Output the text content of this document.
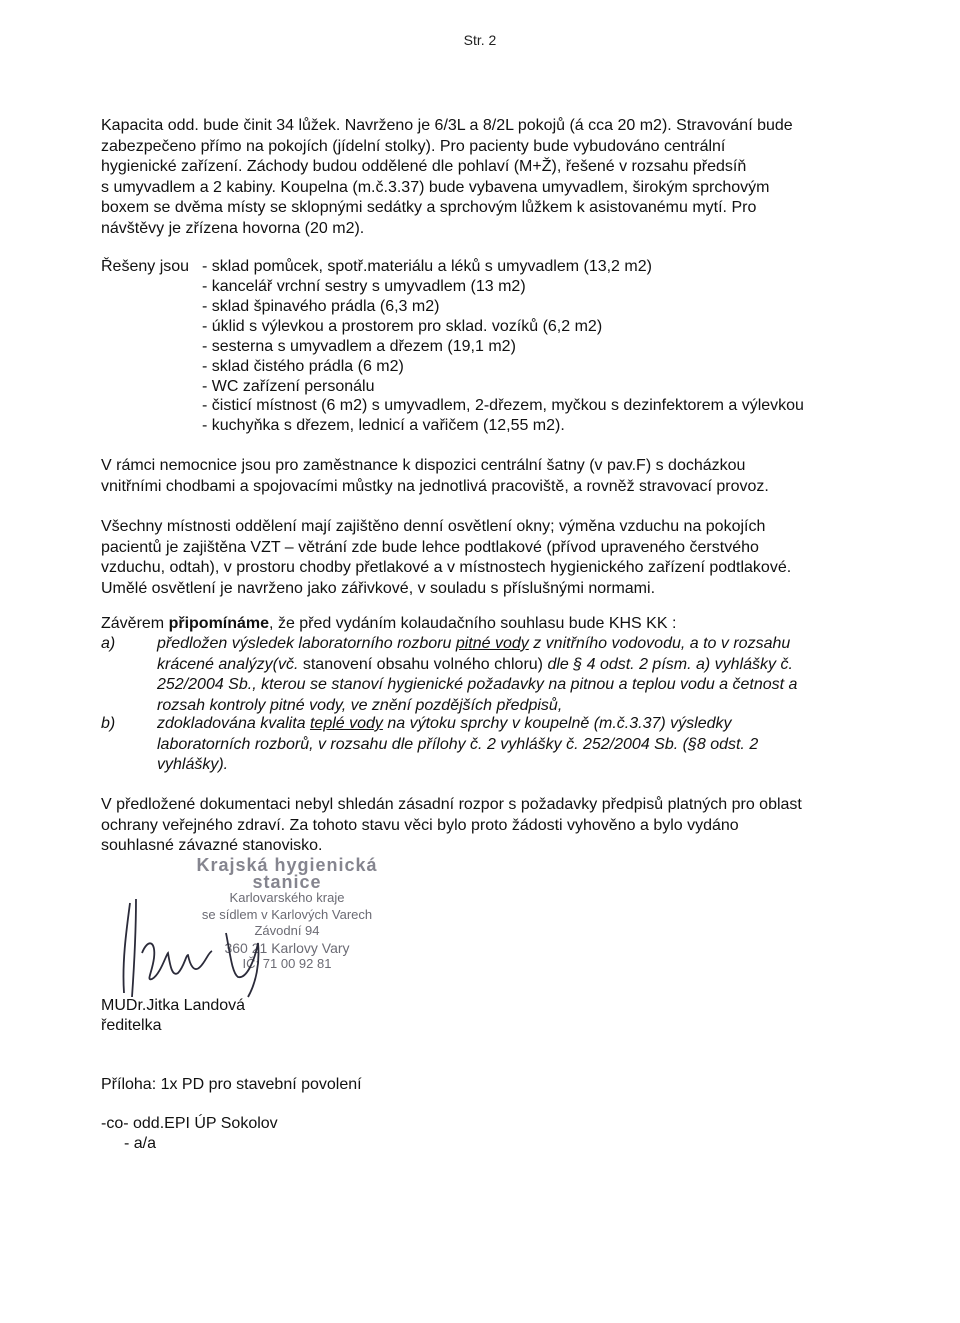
Str. 2
Kapacita odd. bude činit 34 lůžek. Navrženo je 6/3L a 8/2L pokojů (á cca 20 m2). Stravování bude
zabezpečeno přímo na pokojích (jídelní stolky). Pro pacienty bude vybudováno centrální
hygienické zařízení. Záchody budou oddělené dle pohlaví (M+Ž), řešené v rozsahu předsíň
s umyvadlem a 2 kabiny. Koupelna (m.č.3.37) bude vybavena umyvadlem, širokým sprchovým
boxem se dvěma místy se sklopnými sedátky a sprchovým lůžkem k asistovanému mytí. Pro
návštěvy je zřízena hovorna (20 m2).
Řešeny jsou - sklad pomůcek, spotř.materiálu a léků s umyvadlem (13,2 m2)
- kancelář vrchní sestry s umyvadlem (13 m2)
- sklad špinavého prádla (6,3 m2)
- úklid s výlevkou a prostorem pro sklad. vozíků (6,2 m2)
- sesterna s umyvadlem a dřezem (19,1 m2)
- sklad čistého prádla (6 m2)
- WC zařízení personálu
- čisticí místnost (6 m2) s umyvadlem, 2-dřezem, myčkou s dezinfektorem a výlevkou
- kuchyňka s dřezem, lednicí a vařičem (12,55 m2).
V rámci nemocnice jsou pro zaměstnance k dispozici centrální šatny (v pav.F) s docházkou
vnitřními chodbami a spojovacími můstky na jednotlivá pracoviště, a rovněž stravovací provoz.
Všechny místnosti oddělení mají zajištěno denní osvětlení okny; výměna vzduchu na pokojích
pacientů je zajištěna VZT – větrání zde bude lehce podtlakové (přívod upraveného čerstvého
vzduchu, odtah), v prostoru chodby přetlakové a v místnostech hygienického zařízení podtlakové.
Umělé osvětlení je navrženo jako zářivkové, v souladu s příslušnými normami.
Závěrem připomínáme, že před vydáním kolaudačního souhlasu bude KHS KK :
a)	předložen výsledek laboratorního rozboru pitné vody z vnitřního vodovodu, a to v rozsahu
krácené analýzy(vč. stanovení obsahu volného chloru) dle § 4 odst. 2 písm. a) vyhlášky č.
252/2004 Sb., kterou se stanoví hygienické požadavky na pitnou a teplou vodu a četnost a
rozsah kontroly pitné vody, ve znění pozdějších předpisů,
b)	zdokladována kvalita teplé vody na výtoku sprchy v koupelně (m.č.3.37) výsledky
laboratorních rozborů, v rozsahu dle přílohy č. 2 vyhlášky č. 252/2004 Sb. (§8 odst. 2
vyhlášky).
V předložené dokumentaci nebyl shledán zásadní rozpor s požadavky předpisů platných pro oblast
ochrany veřejného zdraví. Za tohoto stavu věci bylo proto žádosti vyhověno a bylo vydáno
souhlasné závazné stanovisko.
Krajská hygienická stanice
Karlovarského kraje
se sídlem v Karlových Varech
Závodní 94
360 21 Karlovy Vary
IČ: 71 00 92 81
MUDr.Jitka Landová
ředitelka
Příloha: 1x PD pro stavební povolení
-co- odd.EPI ÚP Sokolov
- a/a
